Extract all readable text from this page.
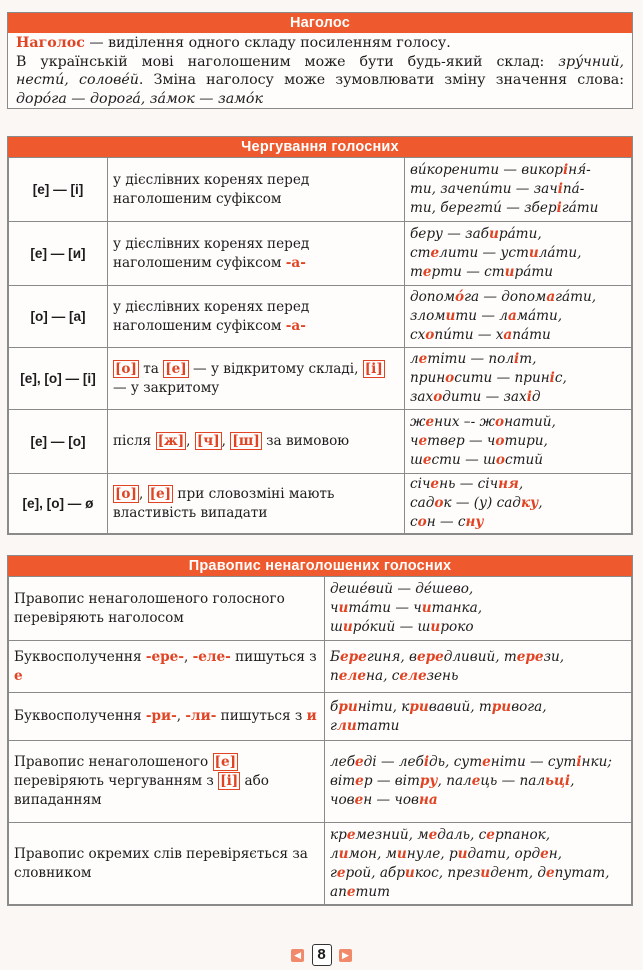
Наголос
Наголос — виділення одного складу посиленням голосу.
В українській мові наголошеним може бути будь-який склад: зрýчний,
нестú, соловéй. Зміна наголосу може зумовлювати зміну значення слова:
дорóга — дорогá, зáмок — замóк
Чергування голосних
[е] — [і]	у дієслівних коренях перед наголошеним суфіксом	вúкорeнити — викоріня́-
ти, зачeпúти — зачіпá-
ти, берeгтú — зберігáти

[е] — [и]	у дієслівних коренях перед наголошеним суфіксом -а-	беру — забирáти,
стелити — устилáти,
терти — стирáти

[о] — [а]	у дієслівних коренях перед наголошеним суфіксом -а-	допомóга — допомагáти,
зломити — ламáти,
схопúти — хапáти

[е], [о] — [і]	[о] та [е] — у відкритому складі, [і] — у закритому	летіти — політ,
приносити — приніс,
заходити — захід

[е] — [о]	після [ж] , [ч] , [ш] за вимовою	жених –- жонатий,
четвер — чотири,
шести — шостий

[е], [о] — ø	[о] , [е] при словозміні мають властивість випадати	січень — січня,
садок — (у) садку,
сон — сну
Правопис ненаголошених голосних
Правопис ненаголошеного голосного перевіряють наголосом	дешéвий — дéшево,
читáти — читанка,
ширóкий — широко

Буквосполучення -ере-, -еле- пишуться з е	Берегиня, вередливий, терези,
пелена, селезень

Буквосполучення -ри-, -ли- пишуться з и	бриніти, кривавий, тривога,
глитати

Правопис ненаголошеного [е] перевіряють чергуванням з [і] або випаданням	лебеді — лебідь, сутеніти — сутінки;
вітер — вітру, палець — пальці,
човен — човна

Правопис окремих слів перевіряється за словником	кремезний, медаль, серпанок,
лимон, минуле, ридати, орден,
герой, абрикос, президент, депутат,
апетит
◀ 8 ▶
